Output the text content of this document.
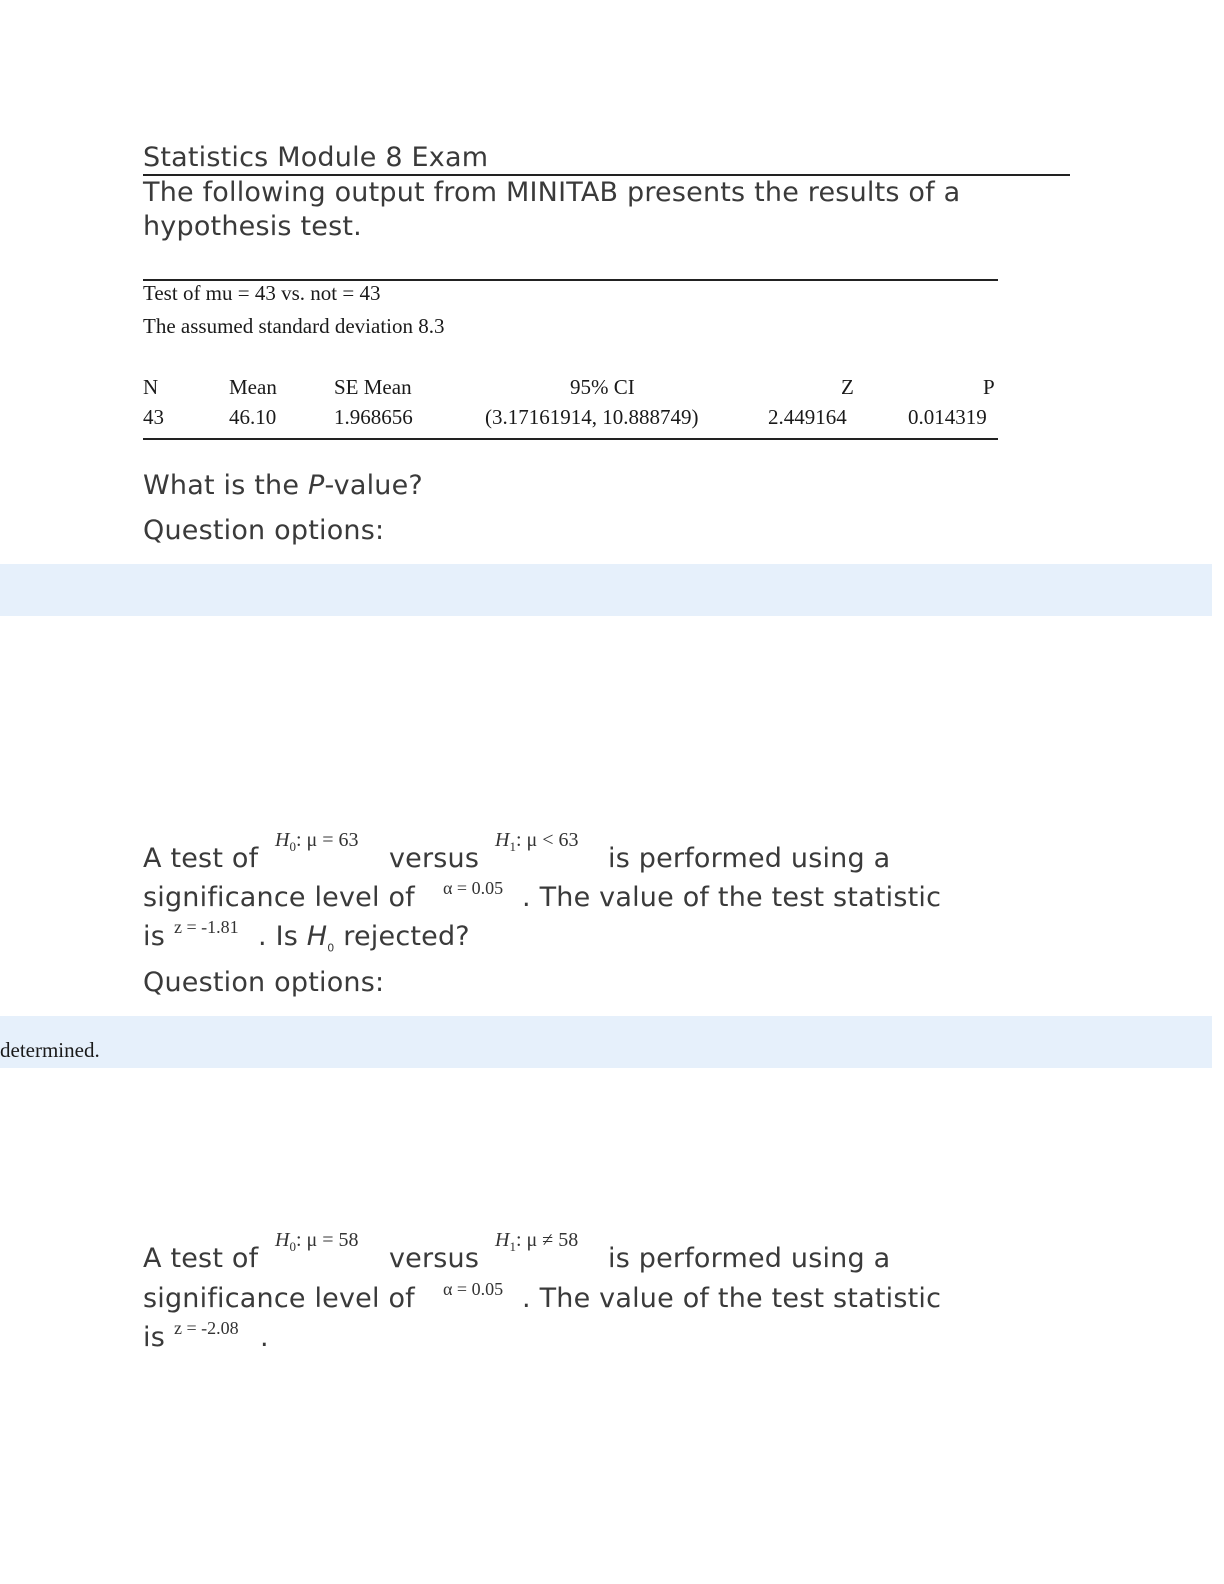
Statistics Module 8 Exam
The following output from MINITAB presents the results of a hypothesis test.
Test of mu = 43 vs. not = 43
The assumed standard deviation 8.3
N	Mean	SE Mean	95% CI	Z	P
43	46.10	1.968656	(3.17161914, 10.888749)	2.449164	0.014319
What is the P-value?
Question options:
A test of
$H_0$: μ = 63
versus
$H_1$: μ < 63
is performed using a
significance level of α = 0.05 . The value of the test statistic
is z = -1.81 . Is $H_0$ rejected?
Question options:
determined.
A test of
$H_0$: μ = 58
versus
$H_1$: μ ≠ 58
is performed using a
significance level of α = 0.05 . The value of the test statistic
is z = -2.08 .
